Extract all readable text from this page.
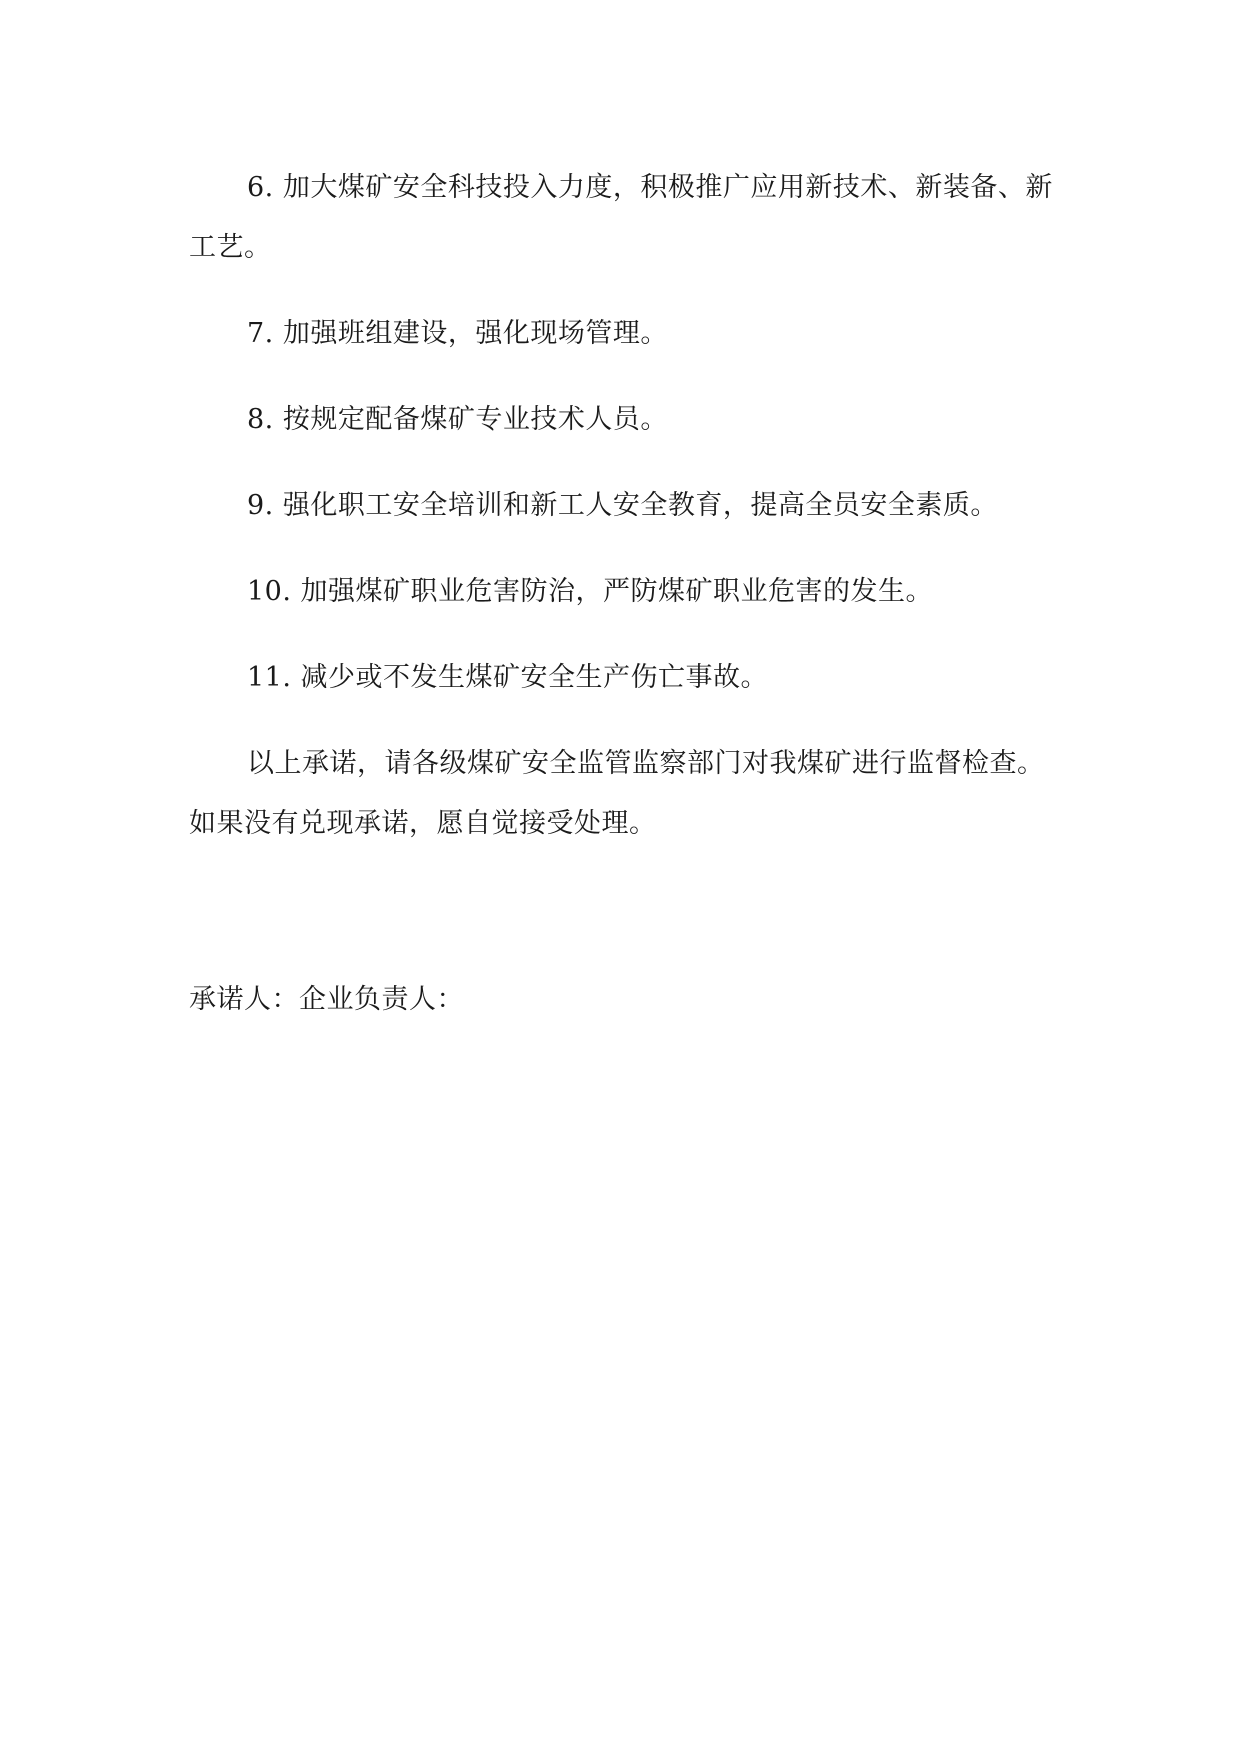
6. 加大煤矿安全科技投入力度，积极推广应用新技术、新装备、新工艺。

7. 加强班组建设，强化现场管理。

8. 按规定配备煤矿专业技术人员。

9. 强化职工安全培训和新工人安全教育，提高全员安全素质。

10. 加强煤矿职业危害防治，严防煤矿职业危害的发生。

11. 减少或不发生煤矿安全生产伤亡事故。

以上承诺，请各级煤矿安全监管监察部门对我煤矿进行监督检查。如果没有兑现承诺，愿自觉接受处理。

承诺人：企业负责人：
